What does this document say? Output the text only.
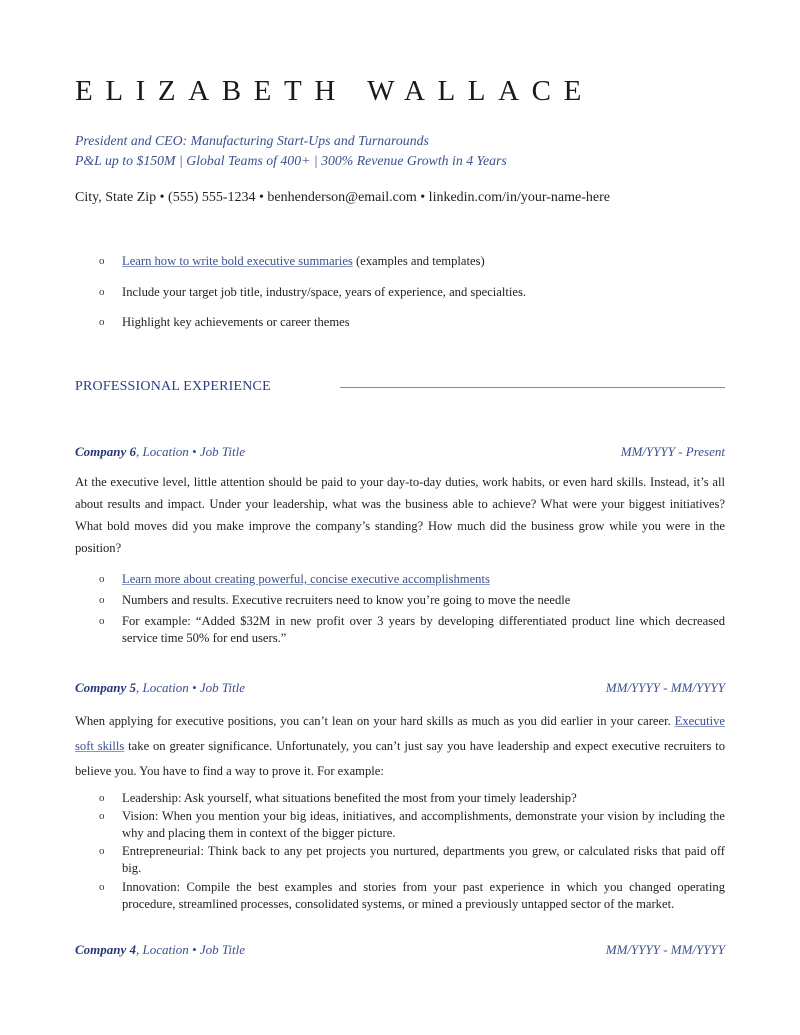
ELIZABETH WALLACE
President and CEO: Manufacturing Start-Ups and Turnarounds
P&L up to $150M | Global Teams of 400+ | 300% Revenue Growth in 4 Years
City, State Zip • (555) 555-1234 • benhenderson@email.com • linkedin.com/in/your-name-here
o Learn how to write bold executive summaries (examples and templates)
o Include your target job title, industry/space, years of experience, and specialties.
o Highlight key achievements or career themes
PROFESSIONAL EXPERIENCE
Company 6, Location • Job Title	MM/YYYY - Present
At the executive level, little attention should be paid to your day-to-day duties, work habits, or even hard skills. Instead, it’s all about results and impact. Under your leadership, what was the business able to achieve? What were your biggest initiatives? What bold moves did you make improve the company’s standing? How much did the business grow while you were in the position?
o Learn more about creating powerful, concise executive accomplishments
o Numbers and results. Executive recruiters need to know you’re going to move the needle
o For example: “Added $32M in new profit over 3 years by developing differentiated product line which decreased service time 50% for end users.”
Company 5, Location • Job Title	MM/YYYY - MM/YYYY
When applying for executive positions, you can’t lean on your hard skills as much as you did earlier in your career. Executive soft skills take on greater significance. Unfortunately, you can’t just say you have leadership and expect executive recruiters to believe you. You have to find a way to prove it. For example:
o Leadership: Ask yourself, what situations benefited the most from your timely leadership?
o Vision: When you mention your big ideas, initiatives, and accomplishments, demonstrate your vision by including the why and placing them in context of the bigger picture.
o Entrepreneurial: Think back to any pet projects you nurtured, departments you grew, or calculated risks that paid off big.
o Innovation: Compile the best examples and stories from your past experience in which you changed operating procedure, streamlined processes, consolidated systems, or mined a previously untapped sector of the market.
Company 4, Location • Job Title	MM/YYYY - MM/YYYY
